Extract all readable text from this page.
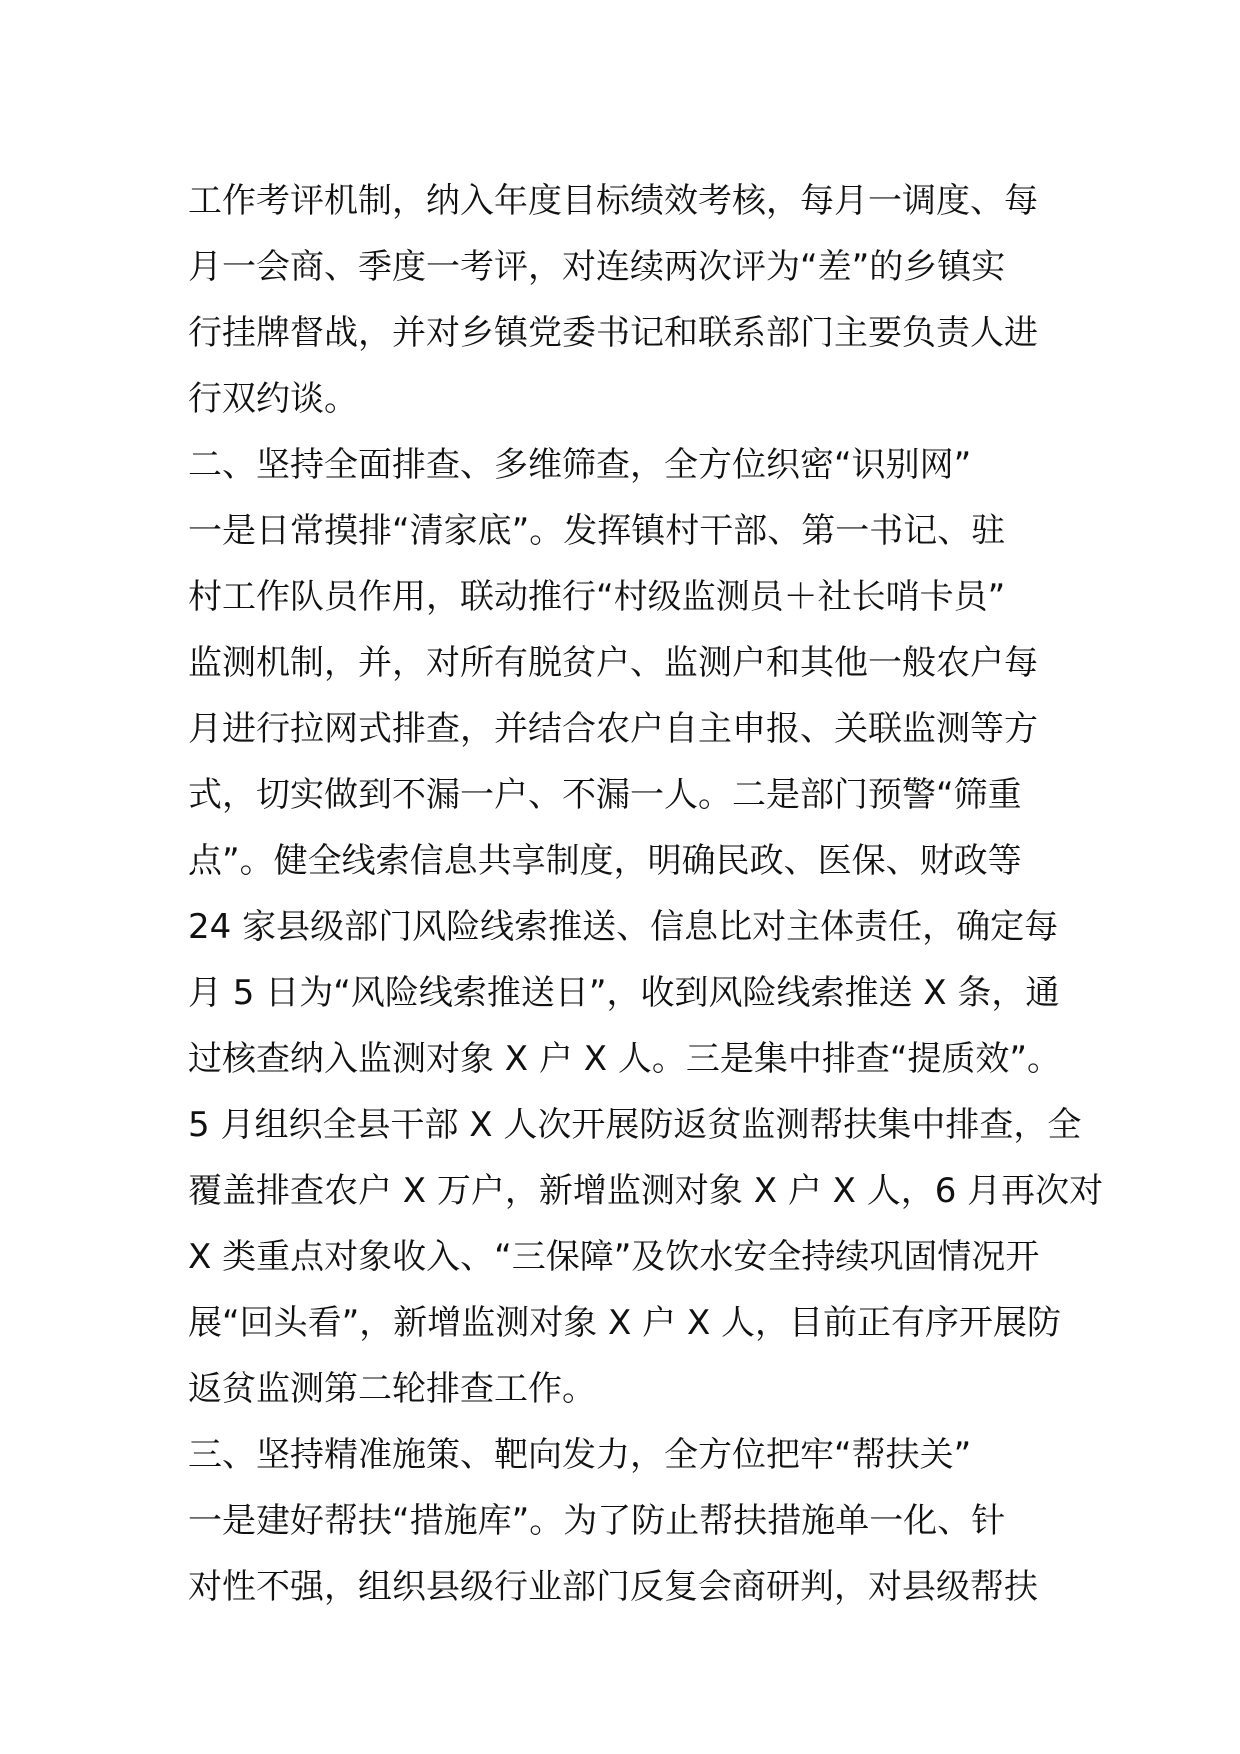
工作考评机制，纳入年度目标绩效考核，每月一调度、每
月一会商、季度一考评，对连续两次评为“差”的乡镇实
行挂牌督战，并对乡镇党委书记和联系部门主要负责人进
行双约谈。
二、坚持全面排查、多维筛查，全方位织密“识别网”
一是日常摸排“清家底”。发挥镇村干部、第一书记、驻
村工作队员作用，联动推行“村级监测员＋社长哨卡员”
监测机制，并，对所有脱贫户、监测户和其他一般农户每
月进行拉网式排查，并结合农户自主申报、关联监测等方
式，切实做到不漏一户、不漏一人。二是部门预警“筛重
点”。健全线索信息共享制度，明确民政、医保、财政等
24 家县级部门风险线索推送、信息比对主体责任，确定每
月 5 日为“风险线索推送日”，收到风险线索推送 X 条，通
过核查纳入监测对象 X 户 X 人。三是集中排查“提质效”。
5 月组织全县干部 X 人次开展防返贫监测帮扶集中排查，全
覆盖排查农户 X 万户，新增监测对象 X 户 X 人，6 月再次对
X 类重点对象收入、“三保障”及饮水安全持续巩固情况开
展“回头看”，新增监测对象 X 户 X 人，目前正有序开展防
返贫监测第二轮排查工作。
三、坚持精准施策、靶向发力，全方位把牢“帮扶关”
一是建好帮扶“措施库”。为了防止帮扶措施单一化、针
对性不强，组织县级行业部门反复会商研判，对县级帮扶
